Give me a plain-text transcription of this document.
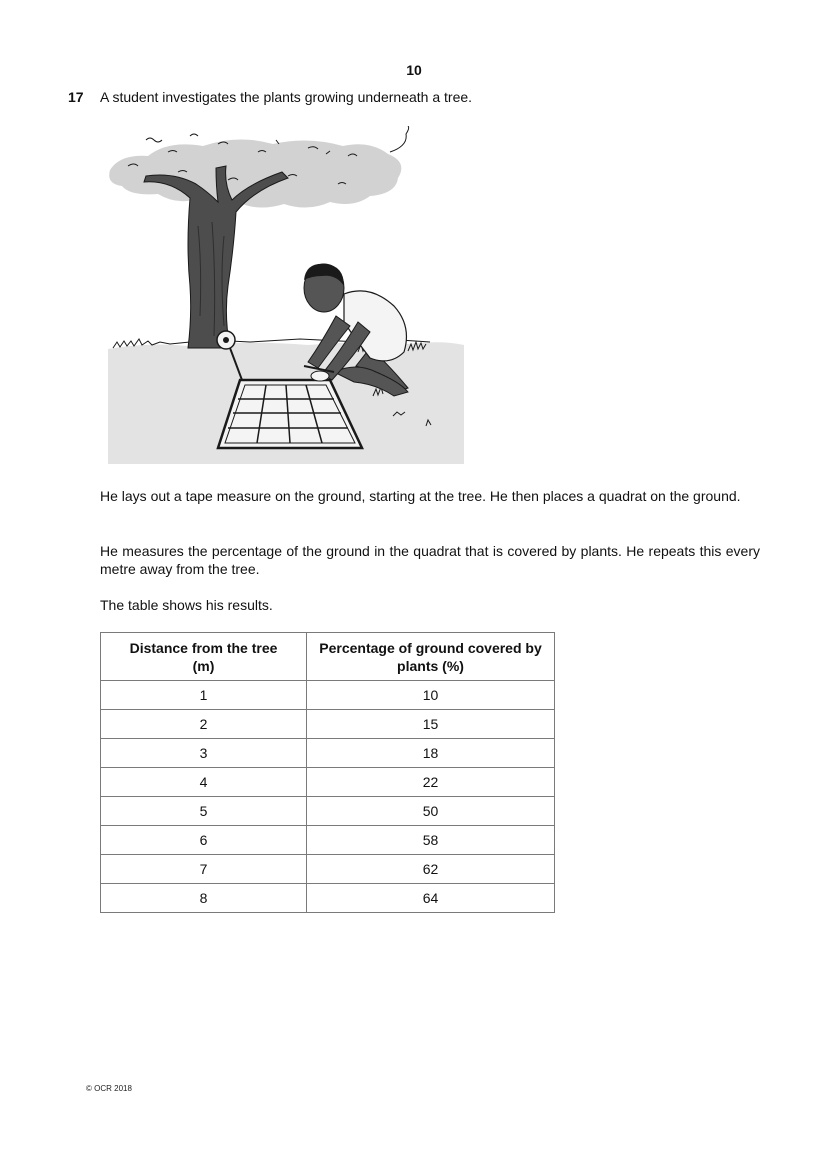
10
17 A student investigates the plants growing underneath a tree.

He lays out a tape measure on the ground, starting at the tree. He then places a quadrat on the ground.

He measures the percentage of the ground in the quadrat that is covered by plants. He repeats this every metre away from the tree.

The table shows his results.

Distance from the tree (m)	Percentage of ground covered by plants (%)

1	10
2	15
3	18
4	22
5	50
6	58
7	62
8	64
© OCR 2018
